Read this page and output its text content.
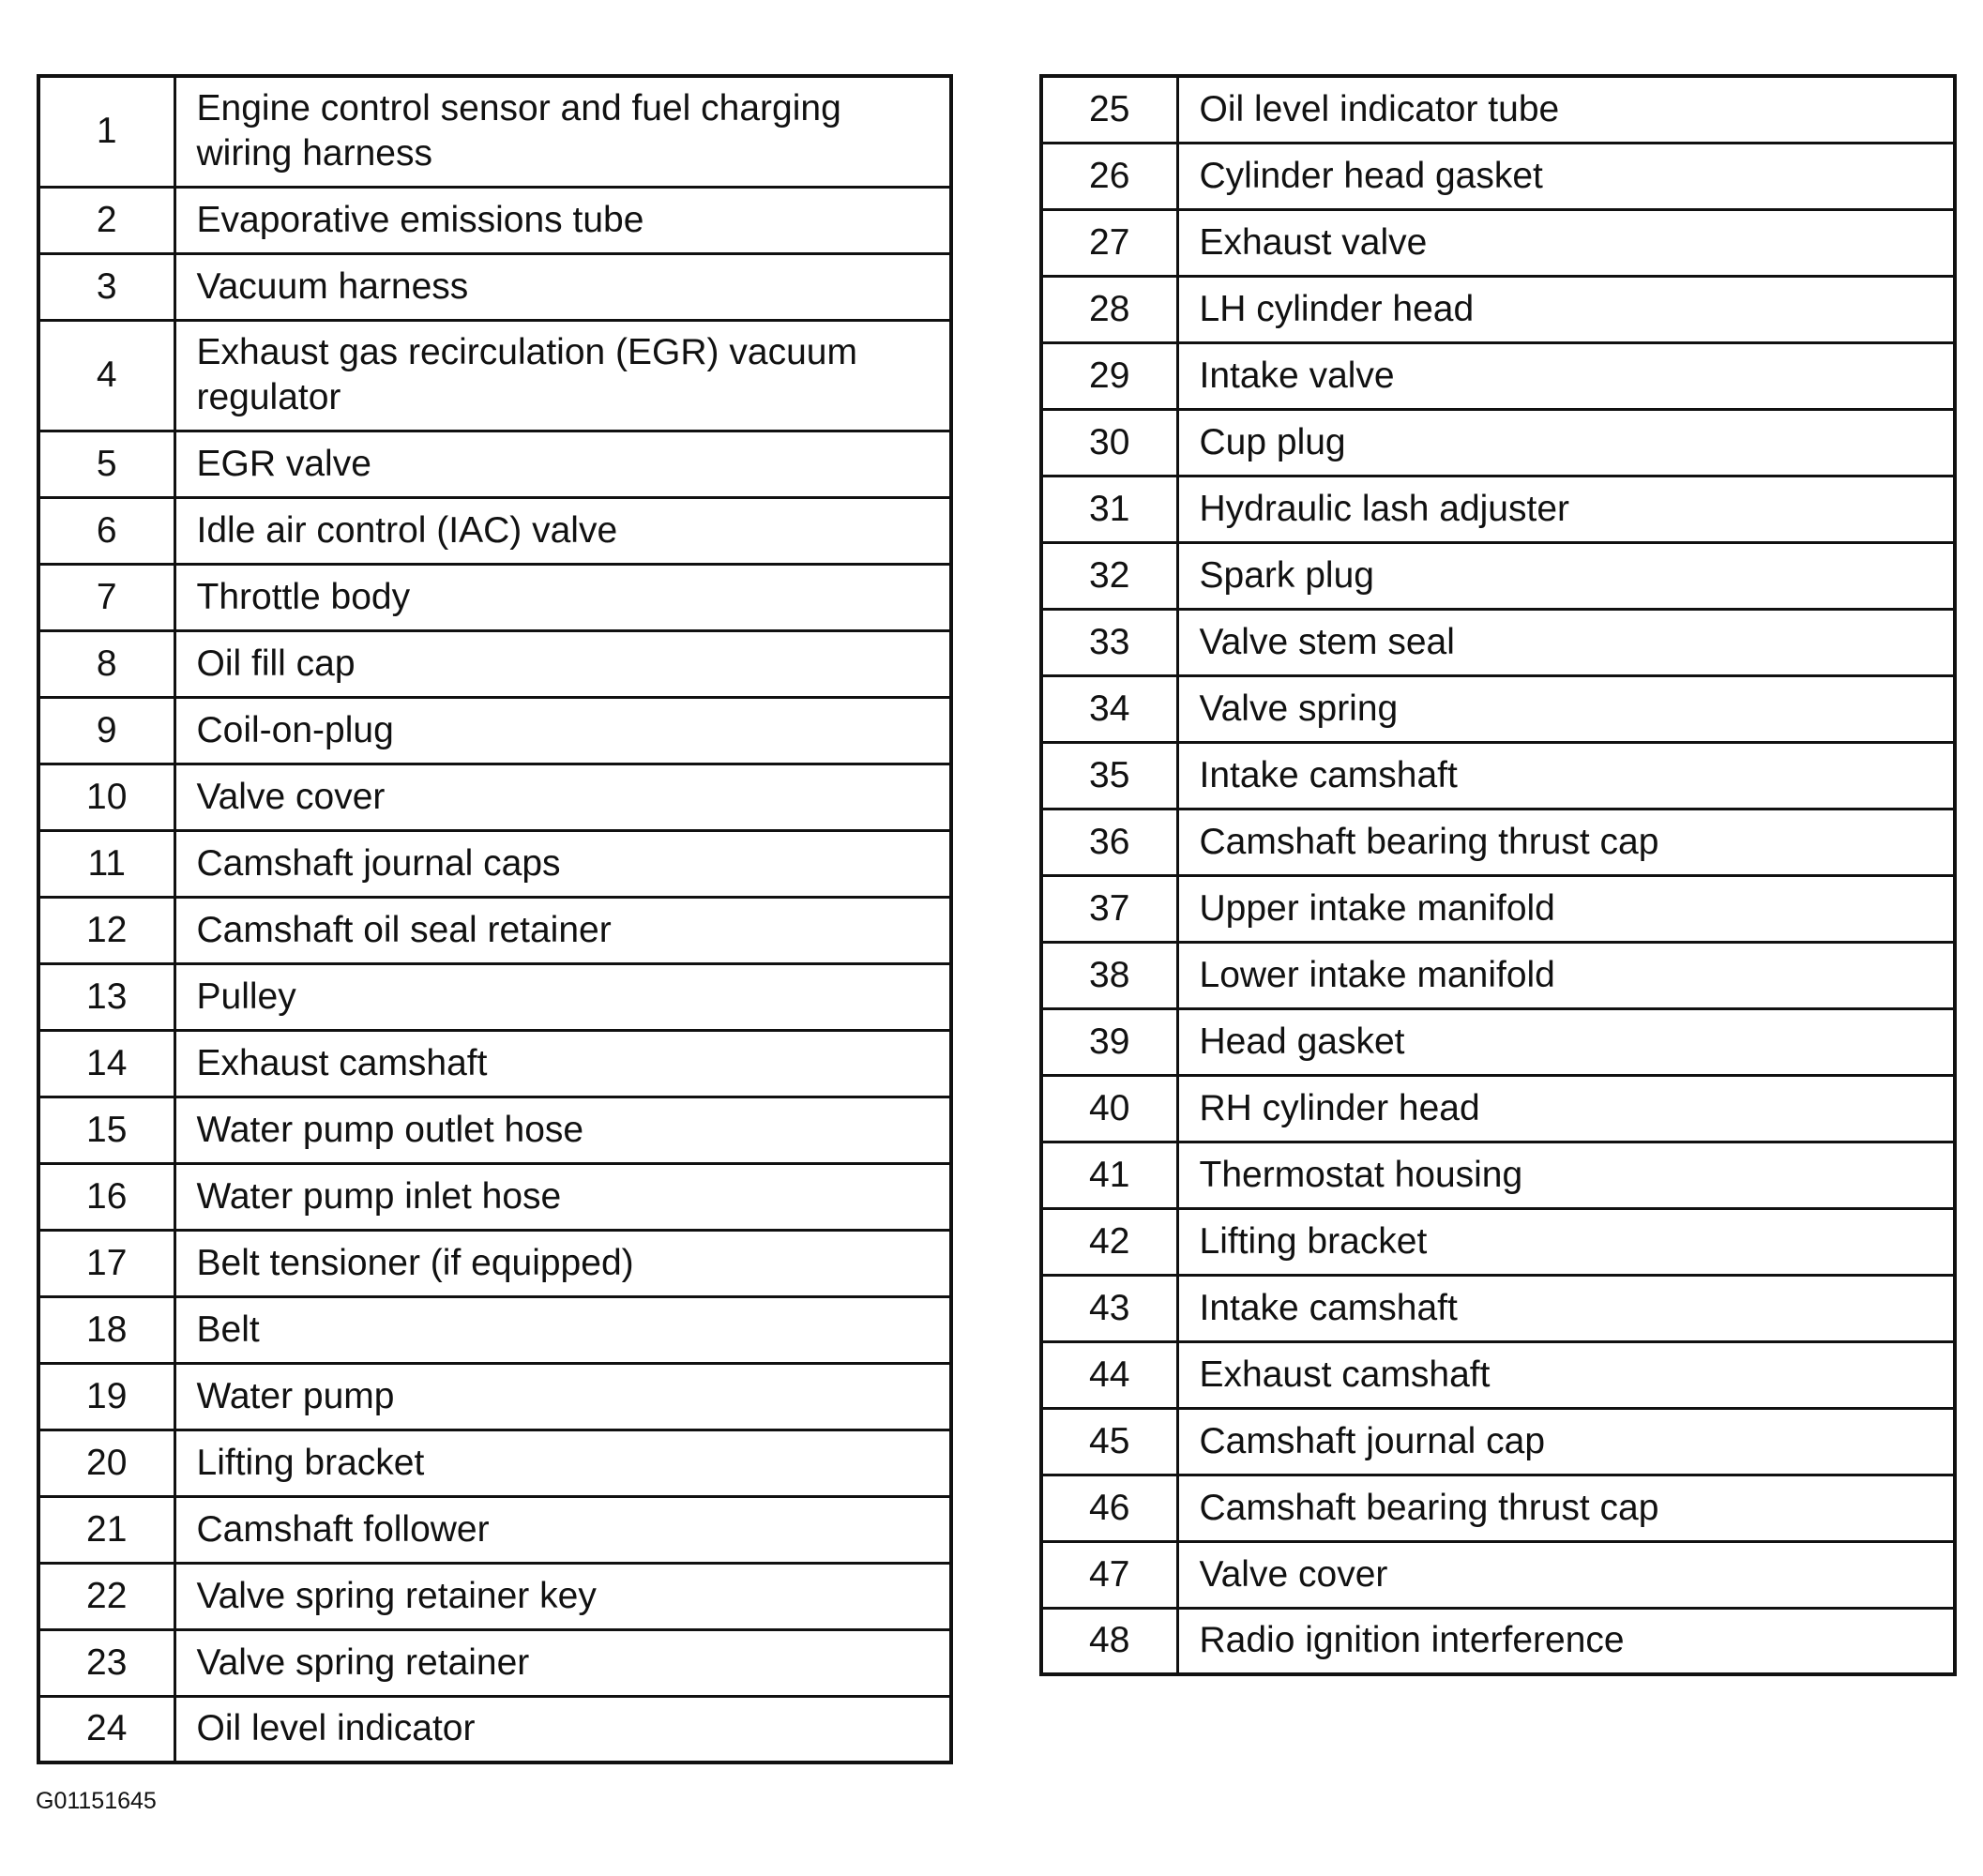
1	Engine control sensor and fuel charging wiring harness
2	Evaporative emissions tube
3	Vacuum harness
4	Exhaust gas recirculation (EGR) vacuum regulator
5	EGR valve
6	Idle air control (IAC) valve
7	Throttle body
8	Oil fill cap
9	Coil-on-plug
10	Valve cover
11	Camshaft journal caps
12	Camshaft oil seal retainer
13	Pulley
14	Exhaust camshaft
15	Water pump outlet hose
16	Water pump inlet hose
17	Belt tensioner (if equipped)
18	Belt
19	Water pump
20	Lifting bracket
21	Camshaft follower
22	Valve spring retainer key
23	Valve spring retainer
24	Oil level indicator
25	Oil level indicator tube
26	Cylinder head gasket
27	Exhaust valve
28	LH cylinder head
29	Intake valve
30	Cup plug
31	Hydraulic lash adjuster
32	Spark plug
33	Valve stem seal
34	Valve spring
35	Intake camshaft
36	Camshaft bearing thrust cap
37	Upper intake manifold
38	Lower intake manifold
39	Head gasket
40	RH cylinder head
41	Thermostat housing
42	Lifting bracket
43	Intake camshaft
44	Exhaust camshaft
45	Camshaft journal cap
46	Camshaft bearing thrust cap
47	Valve cover
48	Radio ignition interference
G01151645
